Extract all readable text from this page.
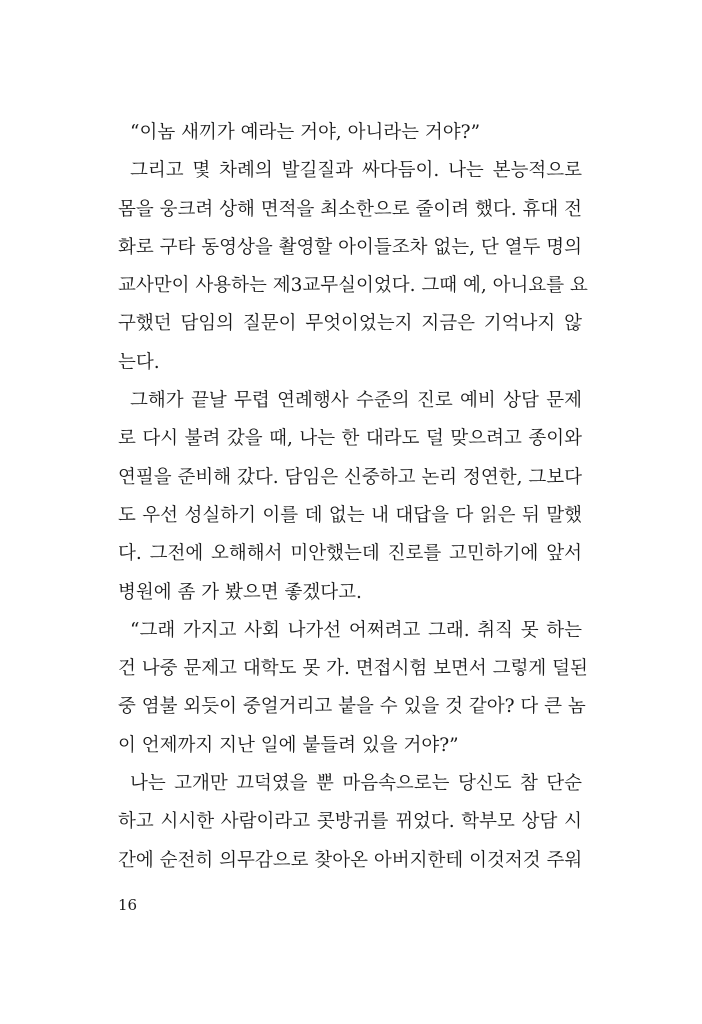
“이놈 새끼가 예라는 거야, 아니라는 거야?”
그리고 몇 차례의 발길질과 싸다듬이. 나는 본능적으로
몸을 웅크려 상해 면적을 최소한으로 줄이려 했다. 휴대 전
화로 구타 동영상을 촬영할 아이들조차 없는, 단 열두 명의
교사만이 사용하는 제3교무실이었다. 그때 예, 아니요를 요
구했던 담임의 질문이 무엇이었는지 지금은 기억나지 않
는다.
그해가 끝날 무렵 연례행사 수준의 진로 예비 상담 문제
로 다시 불려 갔을 때, 나는 한 대라도 덜 맞으려고 종이와
연필을 준비해 갔다. 담임은 신중하고 논리 정연한, 그보다
도 우선 성실하기 이를 데 없는 내 대답을 다 읽은 뒤 말했
다. 그전에 오해해서 미안했는데 진로를 고민하기에 앞서
병원에 좀 가 봤으면 좋겠다고.
“그래 가지고 사회 나가선 어쩌려고 그래. 취직 못 하는
건 나중 문제고 대학도 못 가. 면접시험 보면서 그렇게 덜된
중 염불 외듯이 중얼거리고 붙을 수 있을 것 같아? 다 큰 놈
이 언제까지 지난 일에 붙들려 있을 거야?”
나는 고개만 끄덕였을 뿐 마음속으로는 당신도 참 단순
하고 시시한 사람이라고 콧방귀를 뀌었다. 학부모 상담 시
간에 순전히 의무감으로 찾아온 아버지한테 이것저것 주워
16
